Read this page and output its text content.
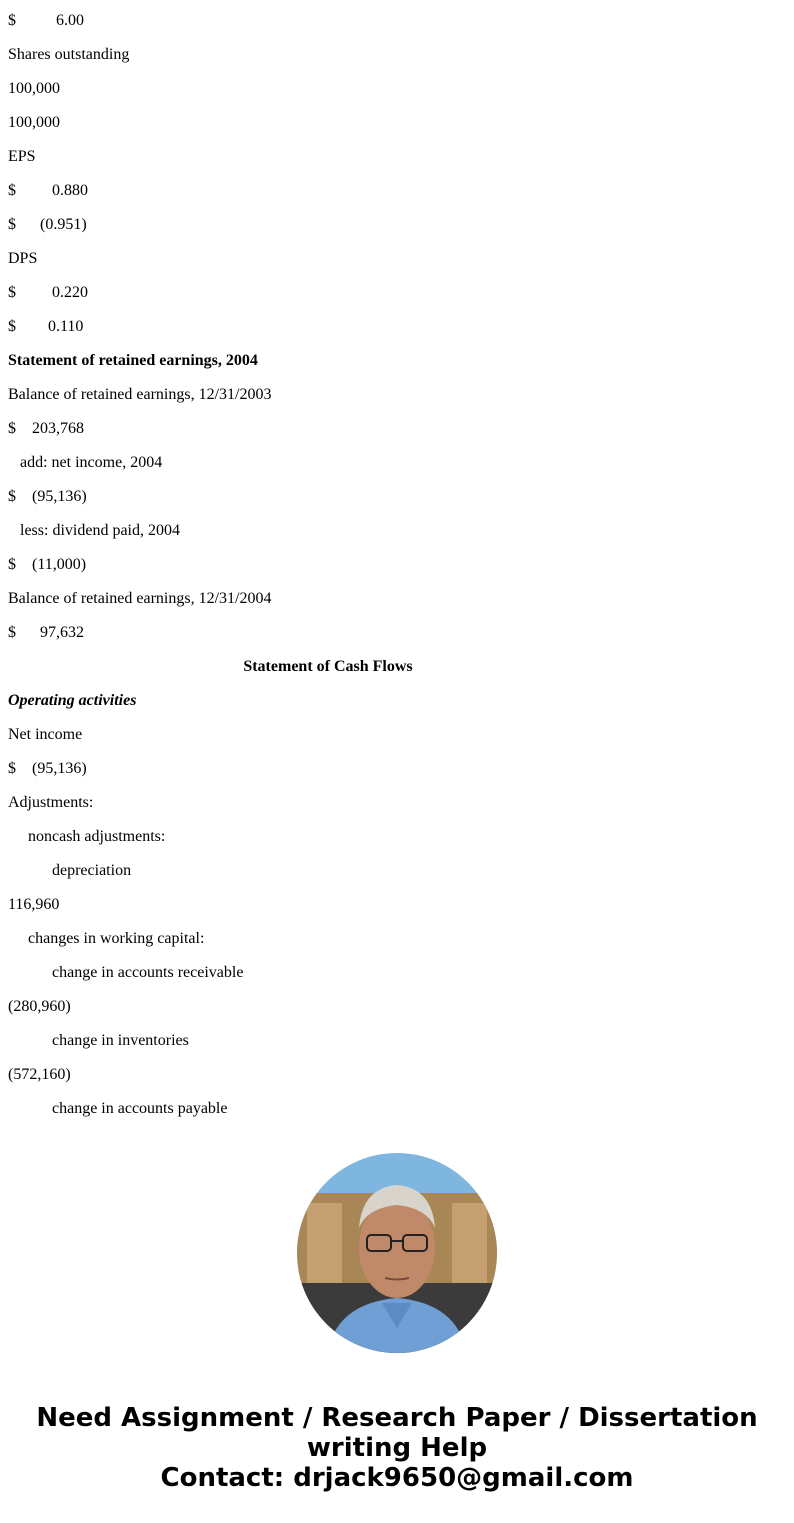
$          6.00
Shares outstanding
100,000
100,000
EPS
$         0.880
$      (0.951)
DPS
$         0.220
$        0.110
Statement of retained earnings, 2004
Balance of retained earnings, 12/31/2003
$    203,768
add: net income, 2004
$    (95,136)
less: dividend paid, 2004
$    (11,000)
Balance of retained earnings, 12/31/2004
$      97,632
Statement of Cash Flows
Operating activities
Net income
$    (95,136)
Adjustments:
noncash adjustments:
depreciation
116,960
changes in working capital:
change in accounts receivable
(280,960)
change in inventories
(572,160)
change in accounts payable
Need Assignment / Research Paper / Dissertation
writing Help
Contact: drjack9650@gmail.com
